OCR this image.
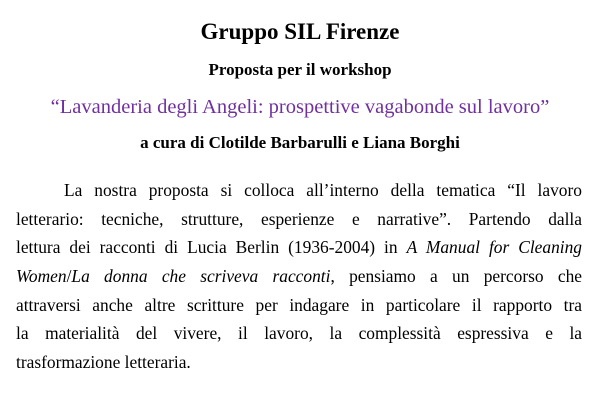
Gruppo SIL Firenze
Proposta per il workshop
“Lavanderia degli Angeli: prospettive vagabonde sul lavoro”
a cura di Clotilde Barbarulli e Liana Borghi
La nostra proposta si colloca all’interno della tematica “Il lavoro
letterario: tecniche, strutture, esperienze e narrative”. Partendo dalla
lettura dei racconti di Lucia Berlin (1936-2004) in A Manual for Cleaning
Women/La donna che scriveva racconti, pensiamo a un percorso che
attraversi anche altre scritture per indagare in particolare il rapporto tra
la materialità del vivere, il lavoro, la complessità espressiva e la
trasformazione letteraria.
